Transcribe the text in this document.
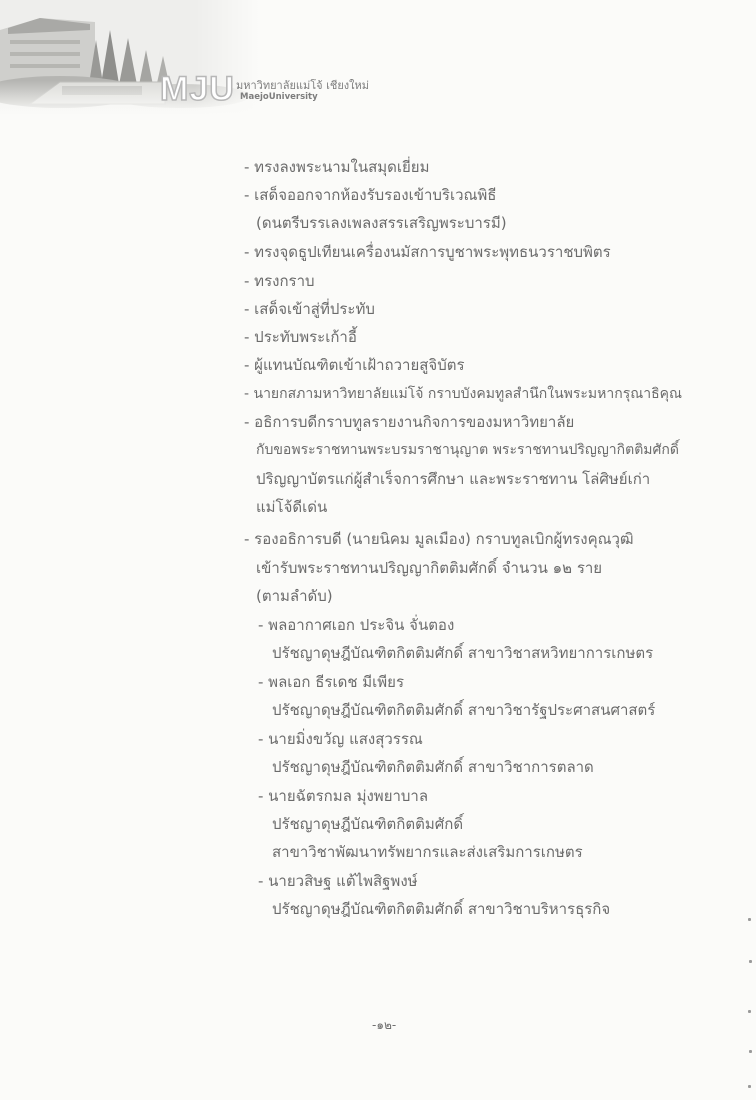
MJU มหาวิทยาลัยแม่โจ้ เชียงใหม่
MaejoUniversity
- ทรงลงพระนามในสมุดเยี่ยม
- เสด็จออกจากห้องรับรองเข้าบริเวณพิธี
(ดนตรีบรรเลงเพลงสรรเสริญพระบารมี)
- ทรงจุดธูปเทียนเครื่องนมัสการบูชาพระพุทธนวราชบพิตร
- ทรงกราบ
- เสด็จเข้าสู่ที่ประทับ
- ประทับพระเก้าอี้
- ผู้แทนบัณฑิตเข้าเฝ้าถวายสูจิบัตร
- นายกสภามหาวิทยาลัยแม่โจ้ กราบบังคมทูลสำนึกในพระมหากรุณาธิคุณ
- อธิการบดีกราบทูลรายงานกิจการของมหาวิทยาลัย
กับขอพระราชทานพระบรมราชานุญาต พระราชทานปริญญากิตติมศักดิ์
ปริญญาบัตรแก่ผู้สำเร็จการศึกษา และพระราชทาน โล่ศิษย์เก่า
แม่โจ้ดีเด่น
- รองอธิการบดี (นายนิคม มูลเมือง) กราบทูลเบิกผู้ทรงคุณวุฒิ
เข้ารับพระราชทานปริญญากิตติมศักดิ์ จำนวน ๑๒ ราย
(ตามลำดับ)
- พลอากาศเอก ประจิน จั่นตอง
ปรัชญาดุษฎีบัณฑิตกิตติมศักดิ์ สาขาวิชาสหวิทยาการเกษตร
- พลเอก ธีรเดช มีเพียร
ปรัชญาดุษฎีบัณฑิตกิตติมศักดิ์ สาขาวิชารัฐประศาสนศาสตร์
- นายมิ่งขวัญ แสงสุวรรณ
ปรัชญาดุษฎีบัณฑิตกิตติมศักดิ์ สาขาวิชาการตลาด
- นายฉัตรกมล มุ่งพยาบาล
ปรัชญาดุษฎีบัณฑิตกิตติมศักดิ์
สาขาวิชาพัฒนาทรัพยากรและส่งเสริมการเกษตร
- นายวสิษฐ แต้ไพสิฐพงษ์
ปรัชญาดุษฎีบัณฑิตกิตติมศักดิ์ สาขาวิชาบริหารธุรกิจ
-๑๒-
